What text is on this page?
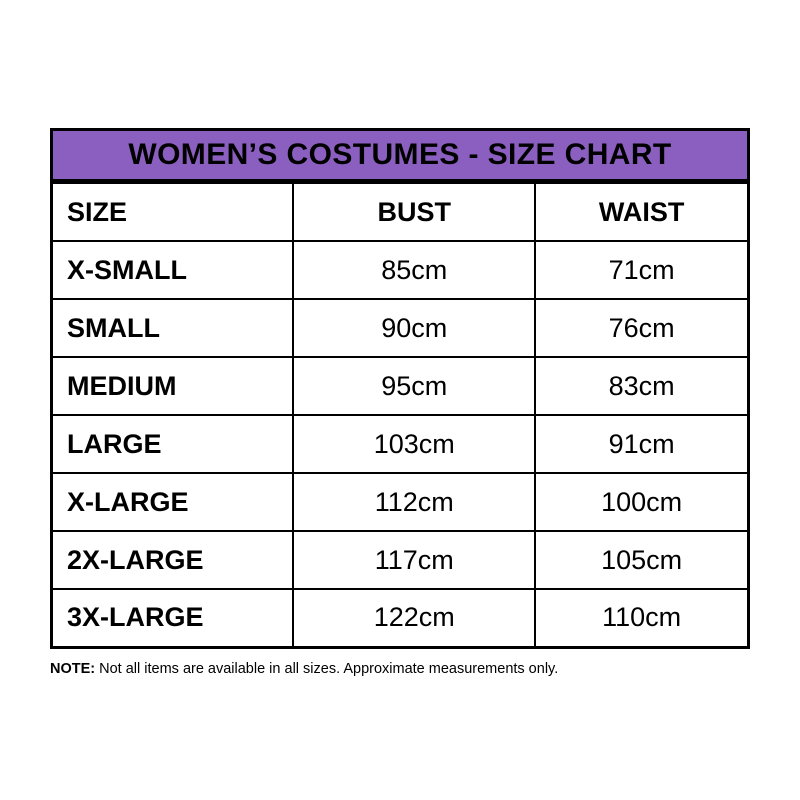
WOMEN’S COSTUMES - SIZE CHART
SIZE	BUST	WAIST
X-SMALL	85cm	71cm
SMALL	90cm	76cm
MEDIUM	95cm	83cm
LARGE	103cm	91cm
X-LARGE	112cm	100cm
2X-LARGE	117cm	105cm
3X-LARGE	122cm	110cm
NOTE: Not all items are available in all sizes. Approximate measurements only.
